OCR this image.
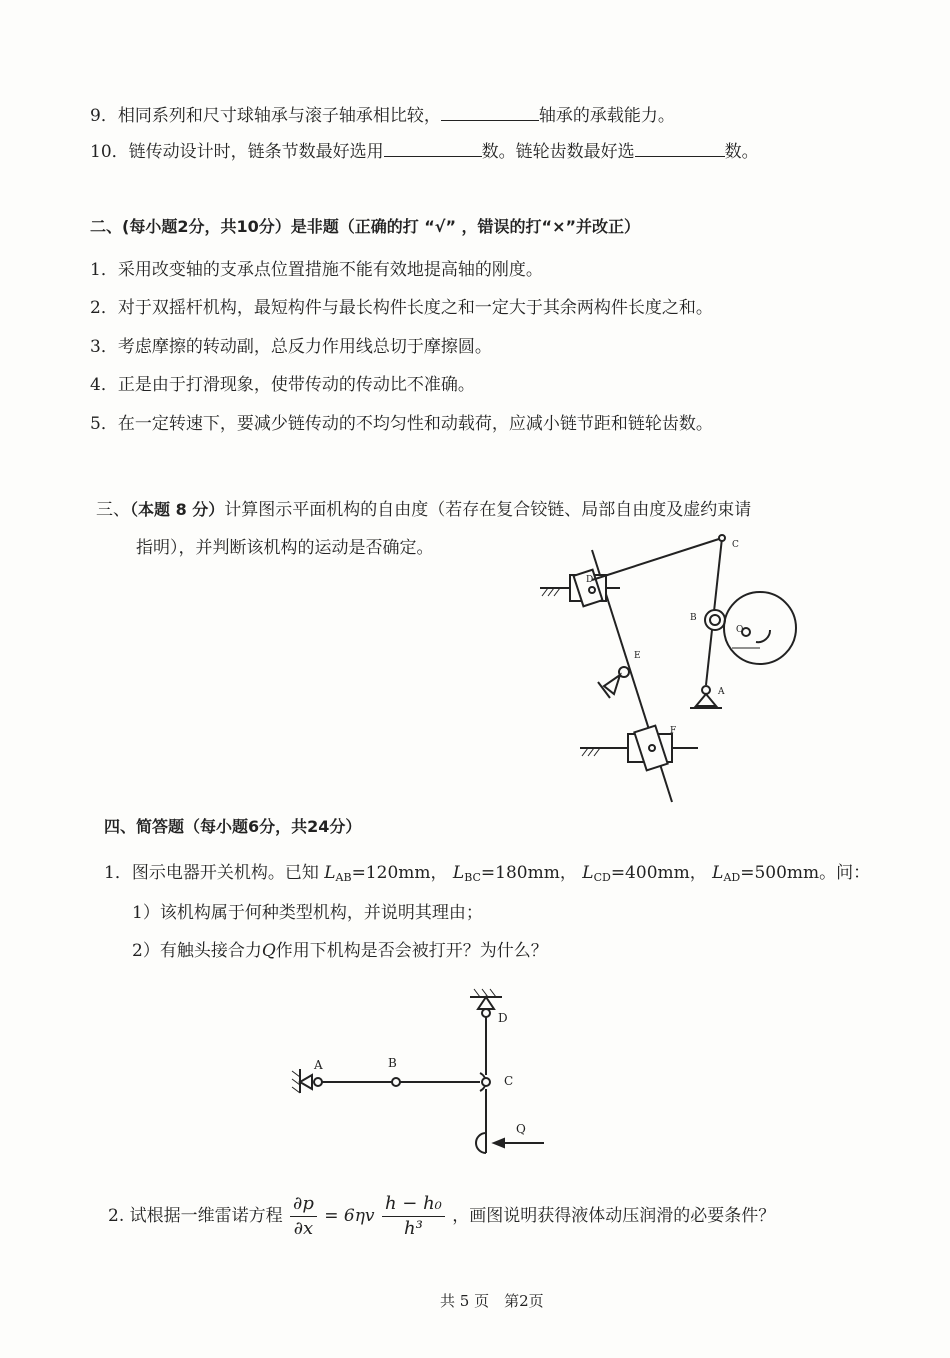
9．相同系列和尺寸球轴承与滚子轴承相比较，	轴承的承载能力。
10．链传动设计时，链条节数最好选用	数。链轮齿数最好选	数。
二、(每小题2分，共10分）是非题（正确的打 “√” ，错误的打“×”并改正）
1．采用改变轴的支承点位置措施不能有效地提高轴的刚度。
2．对于双摇杆机构，最短构件与最长构件长度之和一定大于其余两构件长度之和。
3．考虑摩擦的转动副，总反力作用线总切于摩擦圆。
4．正是由于打滑现象，使带传动的传动比不准确。
5．在一定转速下，要减少链传动的不均匀性和动载荷，应减小链节距和链轮齿数。
三、（本题 8 分）计算图示平面机构的自由度（若存在复合铰链、局部自由度及虚约束请
指明），并判断该机构的运动是否确定。	C
D
B
O
E
A
F
四、简答题（每小题6分，共24分）
1．图示电器开关机构。已知 $L_{AB}=120mm$， $L_{BC}=180mm$， $L_{CD}=400mm$， $L_{AD}=500mm$。问：
1）该机构属于何种类型机构，并说明其理由；
2）有触头接合力Q作用下机构是否会被打开？为什么？
D
A	B
C
Q
2. 试根据一维雷诺方程 $\frac{\partial p}{\partial x} = 6\eta v \frac{\text{h − h₀}}{\text{h³}}$ ，画图说明获得液体动压润滑的必要条件？
共 5 页　第2页
